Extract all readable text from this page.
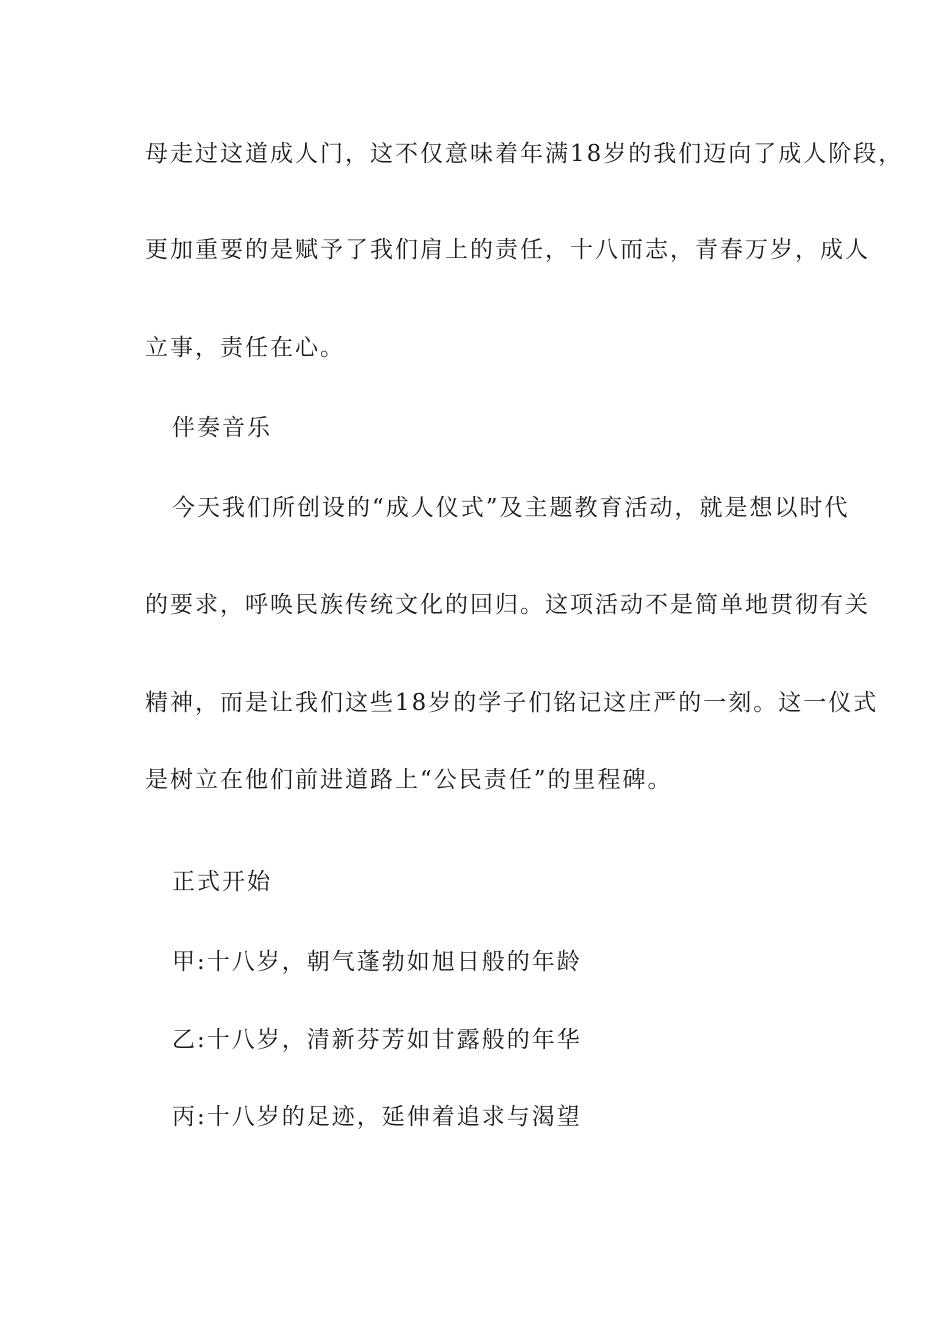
母走过这道成人门，这不仅意味着年满18岁的我们迈向了成人阶段，
更加重要的是赋予了我们肩上的责任，十八而志，青春万岁，成人
立事，责任在心。
伴奏音乐
今天我们所创设的“成人仪式”及主题教育活动，就是想以时代
的要求，呼唤民族传统文化的回归。这项活动不是简单地贯彻有关
精神，而是让我们这些18岁的学子们铭记这庄严的一刻。这一仪式
是树立在他们前进道路上“公民责任”的里程碑。
正式开始
甲:十八岁，朝气蓬勃如旭日般的年龄
乙:十八岁，清新芬芳如甘露般的年华
丙:十八岁的足迹，延伸着追求与渴望
